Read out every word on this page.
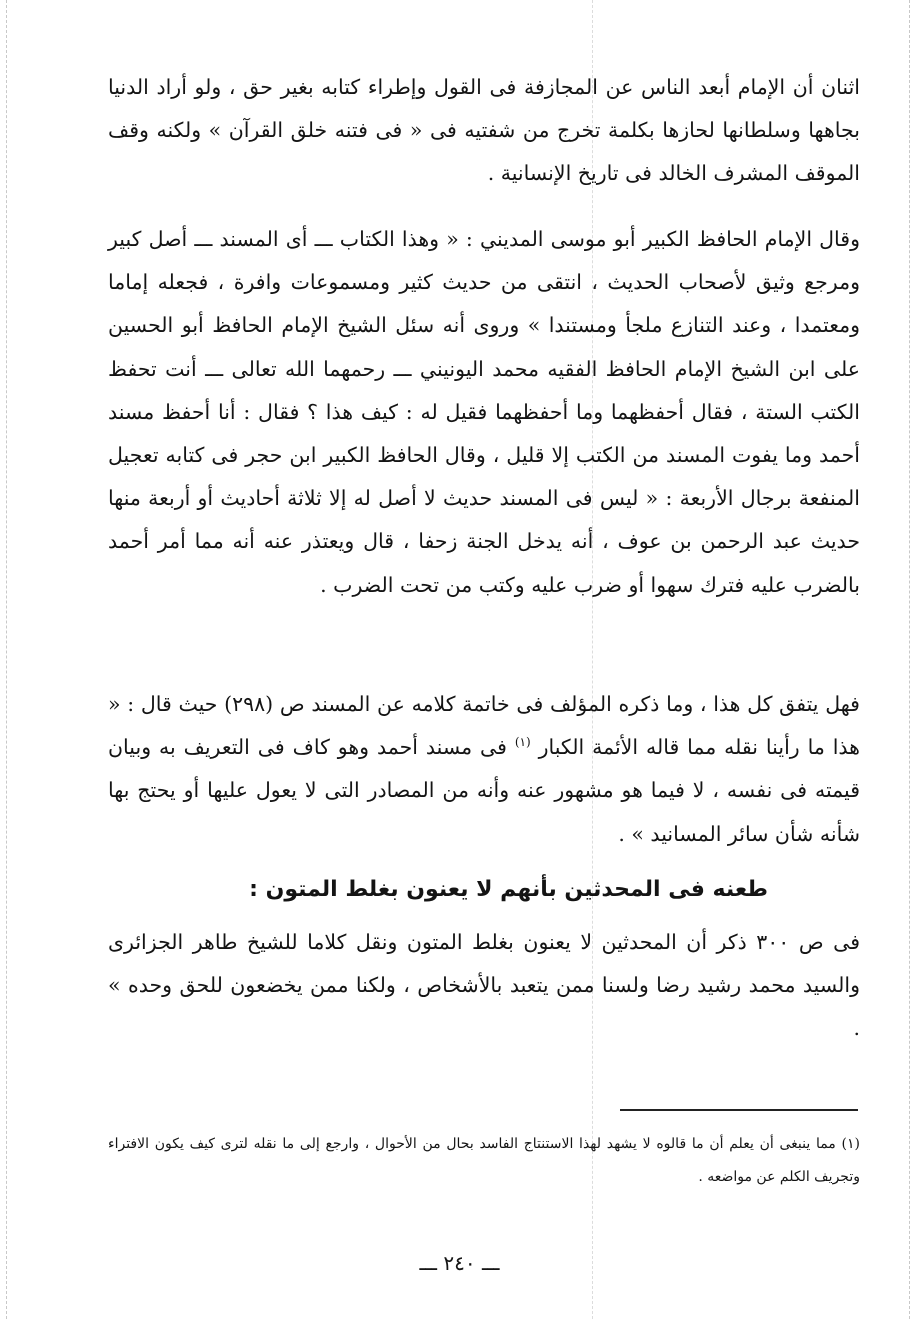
اثنان أن الإمام أبعد الناس عن المجازفة فى القول وإطراء كتابه بغير حق ، ولو أراد الدنيا بجاهها وسلطانها لحازها بكلمة تخرج من شفتيه فى « فى فتنه خلق القرآن » ولكنه وقف الموقف المشرف الخالد فى تاريخ الإنسانية .

وقال الإمام الحافظ الكبير أبو موسى المديني : « وهذا الكتاب ـــ أى المسند ـــ أصل كبير ومرجع وثيق لأصحاب الحديث ، انتقى من حديث كثير ومسموعات وافرة ، فجعله إماما ومعتمدا ، وعند التنازع ملجأ ومستندا » وروى أنه سئل الشيخ الإمام الحافظ أبو الحسين على ابن الشيخ الإمام الحافظ الفقيه محمد اليونيني ـــ رحمهما الله تعالى ـــ أنت تحفظ الكتب الستة ، فقال أحفظهما وما أحفظهما فقيل له : كيف هذا ؟ فقال : أنا أحفظ مسند أحمد وما يفوت المسند من الكتب إلا قليل ، وقال الحافظ الكبير ابن حجر فى كتابه تعجيل المنفعة برجال الأربعة : « ليس فى المسند حديث لا أصل له إلا ثلاثة أحاديث أو أربعة منها حديث عبد الرحمن بن عوف ، أنه يدخل الجنة زحفا ، قال ويعتذر عنه أنه مما أمر أحمد بالضرب عليه فترك سهوا أو ضرب عليه وكتب من تحت الضرب .

فهل يتفق كل هذا ، وما ذكره المؤلف فى خاتمة كلامه عن المسند ص (٢٩٨) حيث قال : « هذا ما رأينا نقله مما قاله الأئمة الكبار $^{(١)}$ فى مسند أحمد وهو كاف فى التعريف به وبيان قيمته فى نفسه ، لا فيما هو مشهور عنه وأنه من المصادر التى لا يعول عليها أو يحتج بها شأنه شأن سائر المسانيد » .

طعنه فى المحدثين بأنهم لا يعنون بغلط المتون :

فى ص ٣٠٠ ذكر أن المحدثين لا يعنون بغلط المتون ونقل كلاما للشيخ طاهر الجزائرى والسيد محمد رشيد رضا ولسنا ممن يتعبد بالأشخاص ، ولكنا ممن يخضعون للحق وحده » .

(١) مما ينبغى أن يعلم أن ما قالوه لا يشهد لهذا الاستنتاج الفاسد بحال من الأحوال ، وارجع إلى ما نقله لترى كيف يكون الافتراء وتجريف الكلم عن مواضعه .

ـــ ٢٤٠ ـــ
